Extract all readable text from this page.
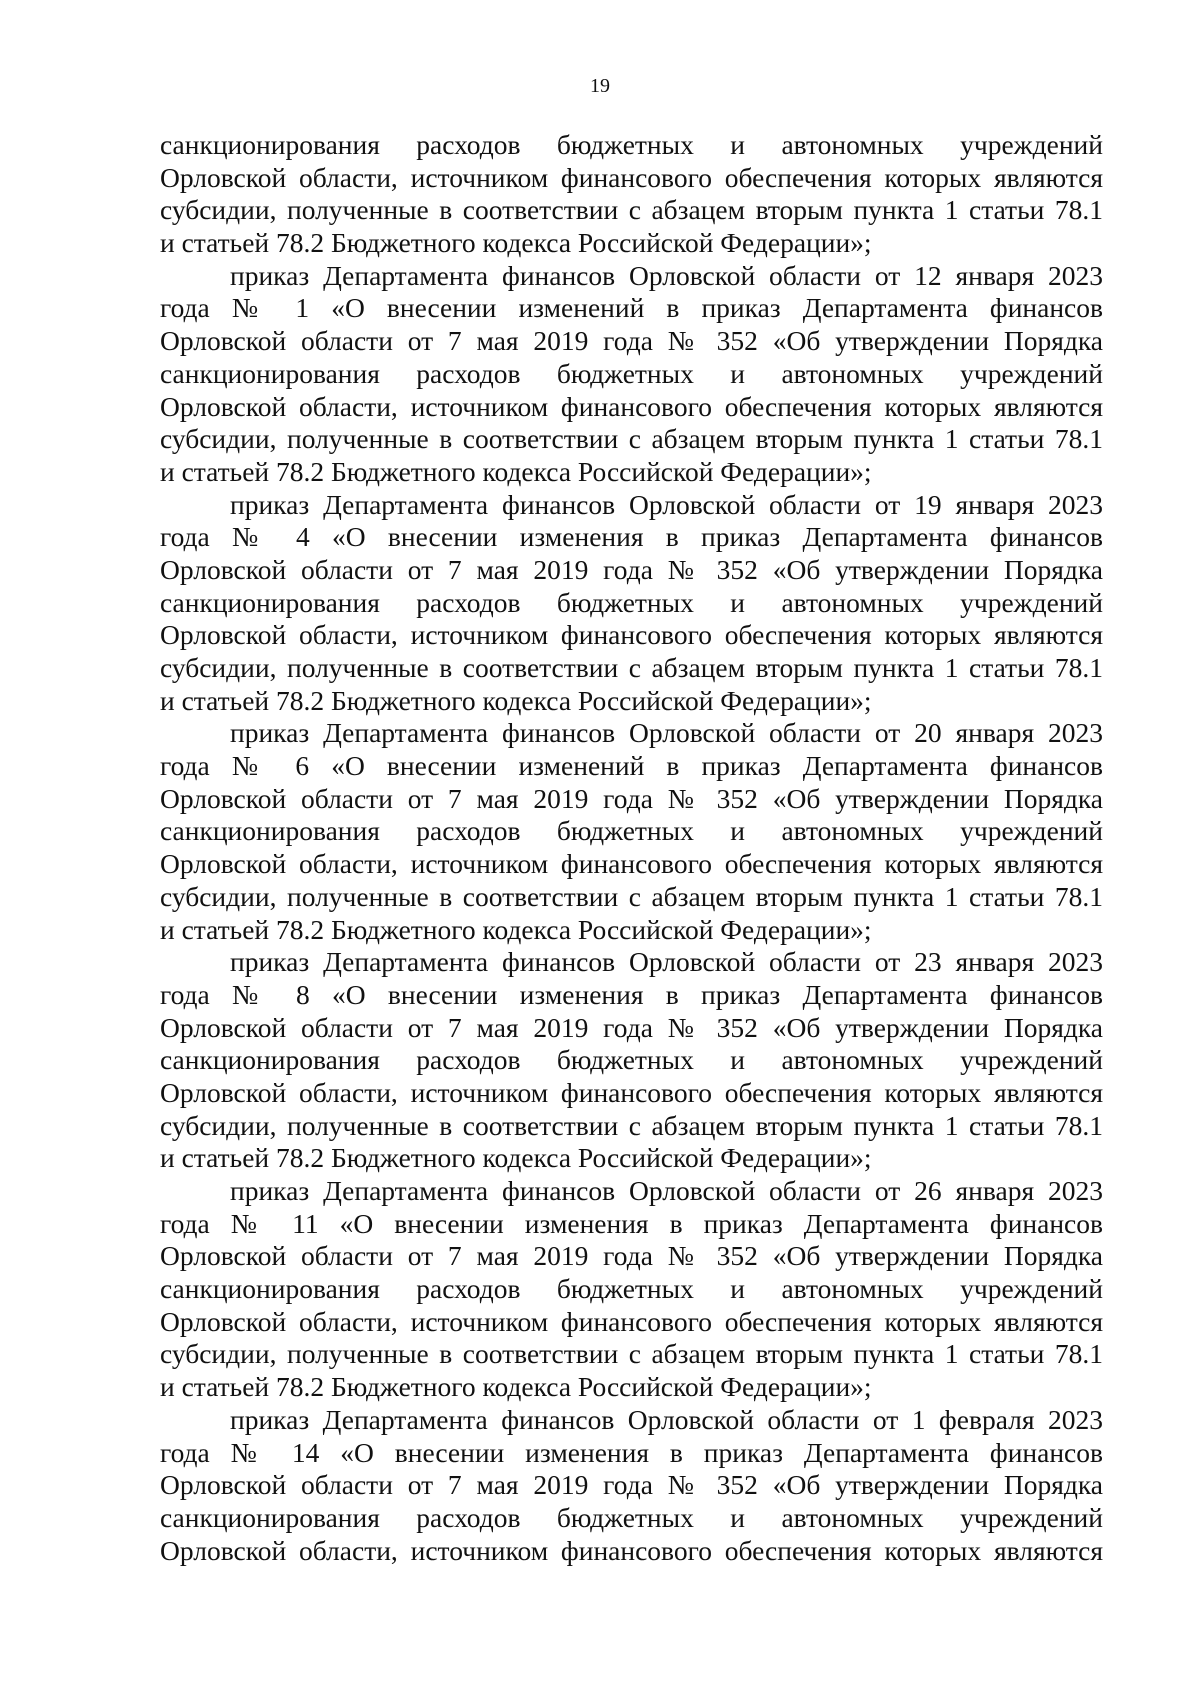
19
санкционирования расходов бюджетных и автономных учреждений
Орловской области, источником финансового обеспечения которых являются
субсидии, полученные в соответствии с абзацем вторым пункта 1 статьи 78.1
и статьей 78.2 Бюджетного кодекса Российской Федерации»;
приказ Департамента финансов Орловской области от 12 января 2023
года № 1 «О внесении изменений в приказ Департамента финансов
Орловской области от 7 мая 2019 года № 352 «Об утверждении Порядка
санкционирования расходов бюджетных и автономных учреждений
Орловской области, источником финансового обеспечения которых являются
субсидии, полученные в соответствии с абзацем вторым пункта 1 статьи 78.1
и статьей 78.2 Бюджетного кодекса Российской Федерации»;
приказ Департамента финансов Орловской области от 19 января 2023
года № 4 «О внесении изменения в приказ Департамента финансов
Орловской области от 7 мая 2019 года № 352 «Об утверждении Порядка
санкционирования расходов бюджетных и автономных учреждений
Орловской области, источником финансового обеспечения которых являются
субсидии, полученные в соответствии с абзацем вторым пункта 1 статьи 78.1
и статьей 78.2 Бюджетного кодекса Российской Федерации»;
приказ Департамента финансов Орловской области от 20 января 2023
года № 6 «О внесении изменений в приказ Департамента финансов
Орловской области от 7 мая 2019 года № 352 «Об утверждении Порядка
санкционирования расходов бюджетных и автономных учреждений
Орловской области, источником финансового обеспечения которых являются
субсидии, полученные в соответствии с абзацем вторым пункта 1 статьи 78.1
и статьей 78.2 Бюджетного кодекса Российской Федерации»;
приказ Департамента финансов Орловской области от 23 января 2023
года № 8 «О внесении изменения в приказ Департамента финансов
Орловской области от 7 мая 2019 года № 352 «Об утверждении Порядка
санкционирования расходов бюджетных и автономных учреждений
Орловской области, источником финансового обеспечения которых являются
субсидии, полученные в соответствии с абзацем вторым пункта 1 статьи 78.1
и статьей 78.2 Бюджетного кодекса Российской Федерации»;
приказ Департамента финансов Орловской области от 26 января 2023
года № 11 «О внесении изменения в приказ Департамента финансов
Орловской области от 7 мая 2019 года № 352 «Об утверждении Порядка
санкционирования расходов бюджетных и автономных учреждений
Орловской области, источником финансового обеспечения которых являются
субсидии, полученные в соответствии с абзацем вторым пункта 1 статьи 78.1
и статьей 78.2 Бюджетного кодекса Российской Федерации»;
приказ Департамента финансов Орловской области от 1 февраля 2023
года № 14 «О внесении изменения в приказ Департамента финансов
Орловской области от 7 мая 2019 года № 352 «Об утверждении Порядка
санкционирования расходов бюджетных и автономных учреждений
Орловской области, источником финансового обеспечения которых являются
